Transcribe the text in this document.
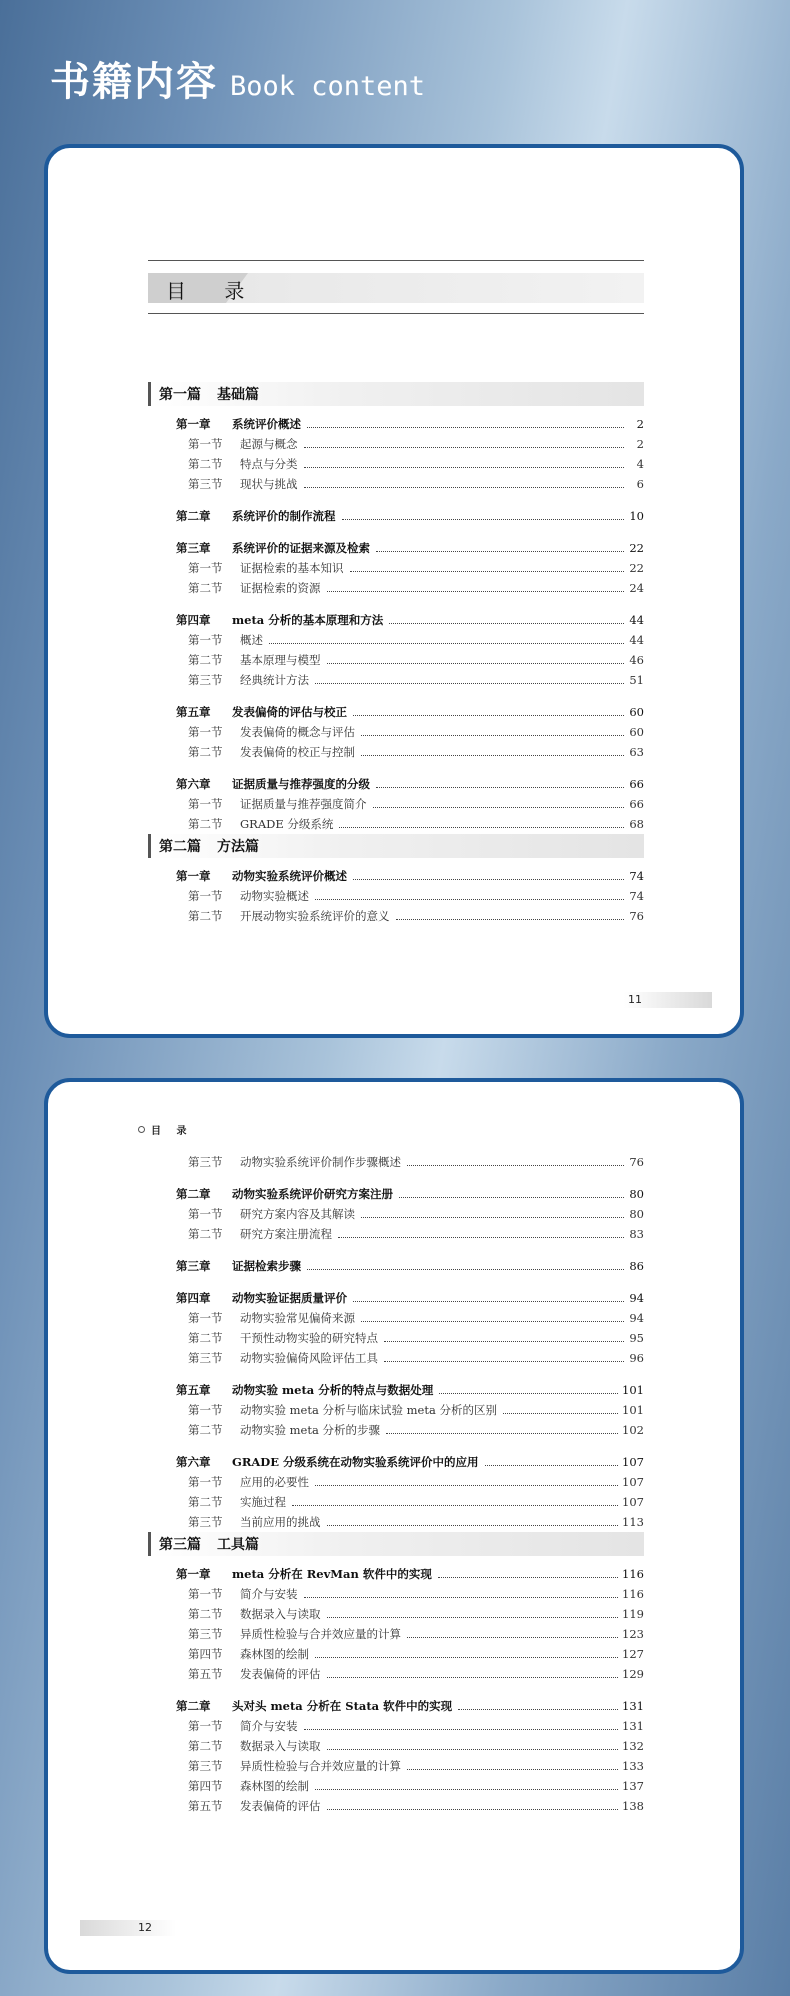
书籍内容 Book content
目 录
第一篇 基础篇
第一章	系统评价概述	2
第一节	起源与概念	2
第二节	特点与分类	4
第三节	现状与挑战	6
第二章	系统评价的制作流程	10
第三章	系统评价的证据来源及检索	22
第一节	证据检索的基本知识	22
第二节	证据检索的资源	24
第四章	meta 分析的基本原理和方法	44
第一节	概述	44
第二节	基本原理与模型	46
第三节	经典统计方法	51
第五章	发表偏倚的评估与校正	60
第一节	发表偏倚的概念与评估	60
第二节	发表偏倚的校正与控制	63
第六章	证据质量与推荐强度的分级	66
第一节	证据质量与推荐强度简介	66
第二节	GRADE 分级系统	68
第二篇 方法篇
第一章	动物实验系统评价概述	74
第一节	动物实验概述	74
第二节	开展动物实验系统评价的意义	76
11
目 录
第三节	动物实验系统评价制作步骤概述	76
第二章	动物实验系统评价研究方案注册	80
第一节	研究方案内容及其解读	80
第二节	研究方案注册流程	83
第三章	证据检索步骤	86
第四章	动物实验证据质量评价	94
第一节	动物实验常见偏倚来源	94
第二节	干预性动物实验的研究特点	95
第三节	动物实验偏倚风险评估工具	96
第五章	动物实验 meta 分析的特点与数据处理	101
第一节	动物实验 meta 分析与临床试验 meta 分析的区别	101
第二节	动物实验 meta 分析的步骤	102
第六章	GRADE 分级系统在动物实验系统评价中的应用	107
第一节	应用的必要性	107
第二节	实施过程	107
第三节	当前应用的挑战	113
第三篇 工具篇
第一章	meta 分析在 RevMan 软件中的实现	116
第一节	简介与安装	116
第二节	数据录入与读取	119
第三节	异质性检验与合并效应量的计算	123
第四节	森林图的绘制	127
第五节	发表偏倚的评估	129
第二章	头对头 meta 分析在 Stata 软件中的实现	131
第一节	简介与安装	131
第二节	数据录入与读取	132
第三节	异质性检验与合并效应量的计算	133
第四节	森林图的绘制	137
第五节	发表偏倚的评估	138
12
